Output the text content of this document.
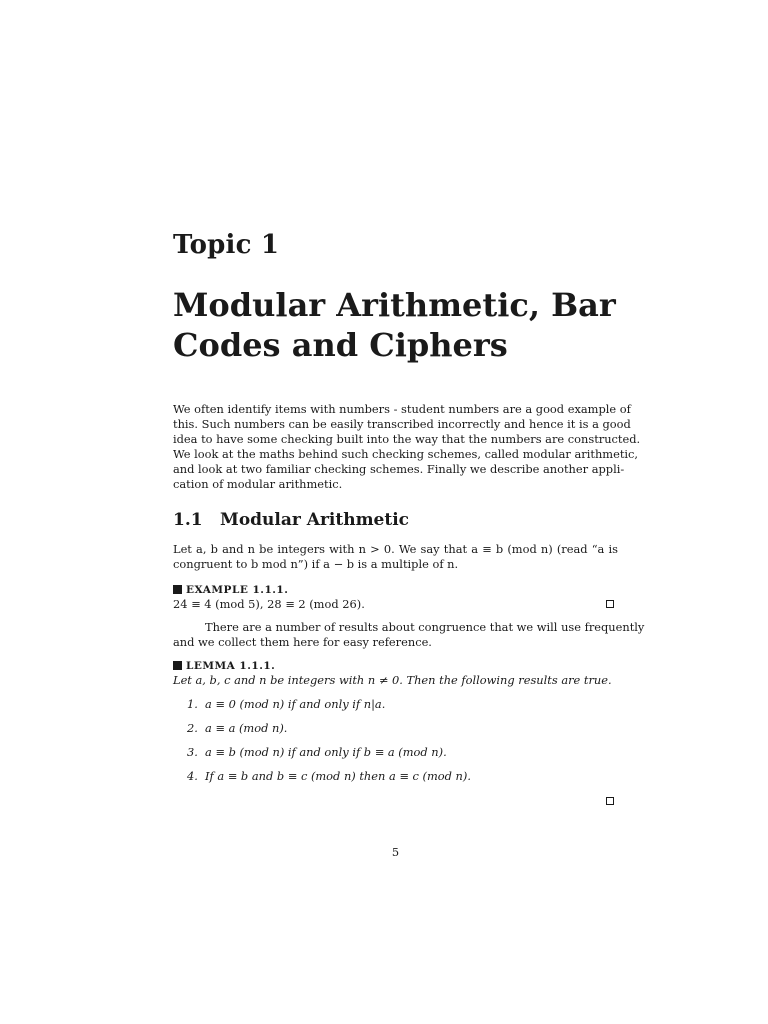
Topic 1
Modular Arithmetic, Bar
Codes and Ciphers
We often identify items with numbers - student numbers are a good example of
this. Such numbers can be easily transcribed incorrectly and hence it is a good
idea to have some checking built into the way that the numbers are constructed.
We look at the maths behind such checking schemes, called modular arithmetic,
and look at two familiar checking schemes. Finally we describe another appli-
cation of modular arithmetic.
1.1 Modular Arithmetic
Let a, b and n be integers with n > 0. We say that a ≡ b (mod n) (read “a is
congruent to b mod n”) if a − b is a multiple of n.
EXAMPLE 1.1.1.
24 ≡ 4 (mod 5), 28 ≡ 2 (mod 26).
There are a number of results about congruence that we will use frequently
and we collect them here for easy reference.
LEMMA 1.1.1.
Let a, b, c and n be integers with n ≠ 0. Then the following results are true.
1. a ≡ 0 (mod n) if and only if n|a.
2. a ≡ a (mod n).
3. a ≡ b (mod n) if and only if b ≡ a (mod n).
4. If a ≡ b and b ≡ c (mod n) then a ≡ c (mod n).
5
